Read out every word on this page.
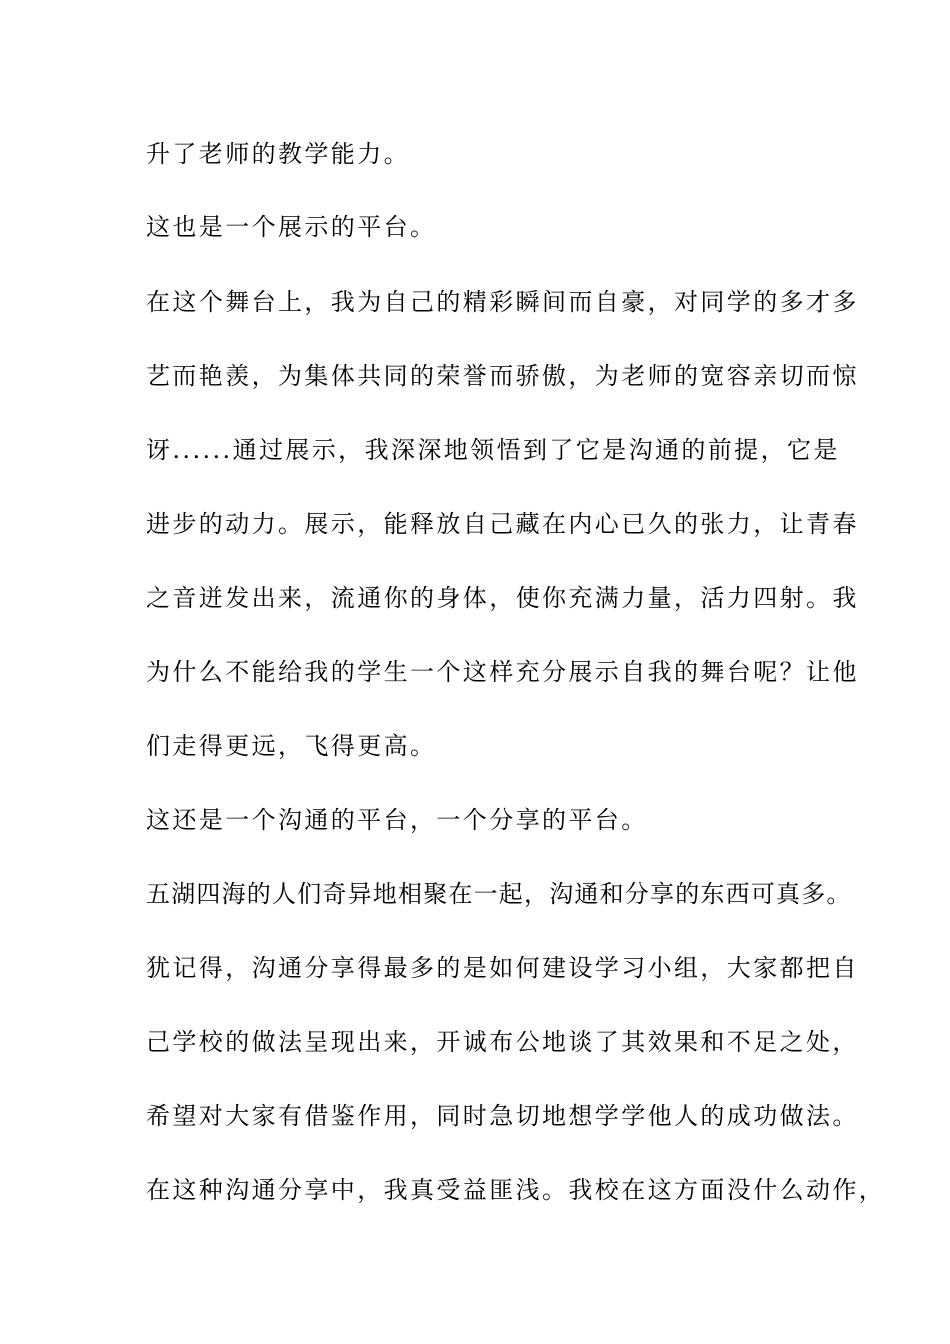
升了老师的教学能力。

这也是一个展示的平台。

在这个舞台上，我为自己的精彩瞬间而自豪，对同学的多才多

艺而艳羡，为集体共同的荣誉而骄傲，为老师的宽容亲切而惊

讶......通过展示，我深深地领悟到了它是沟通的前提，它是

进步的动力。展示，能释放自己藏在内心已久的张力，让青春

之音迸发出来，流通你的身体，使你充满力量，活力四射。我

为什么不能给我的学生一个这样充分展示自我的舞台呢？让他

们走得更远，飞得更高。

这还是一个沟通的平台，一个分享的平台。

五湖四海的人们奇异地相聚在一起，沟通和分享的东西可真多。

犹记得，沟通分享得最多的是如何建设学习小组，大家都把自

己学校的做法呈现出来，开诚布公地谈了其效果和不足之处，

希望对大家有借鉴作用，同时急切地想学学他人的成功做法。

在这种沟通分享中，我真受益匪浅。我校在这方面没什么动作，
